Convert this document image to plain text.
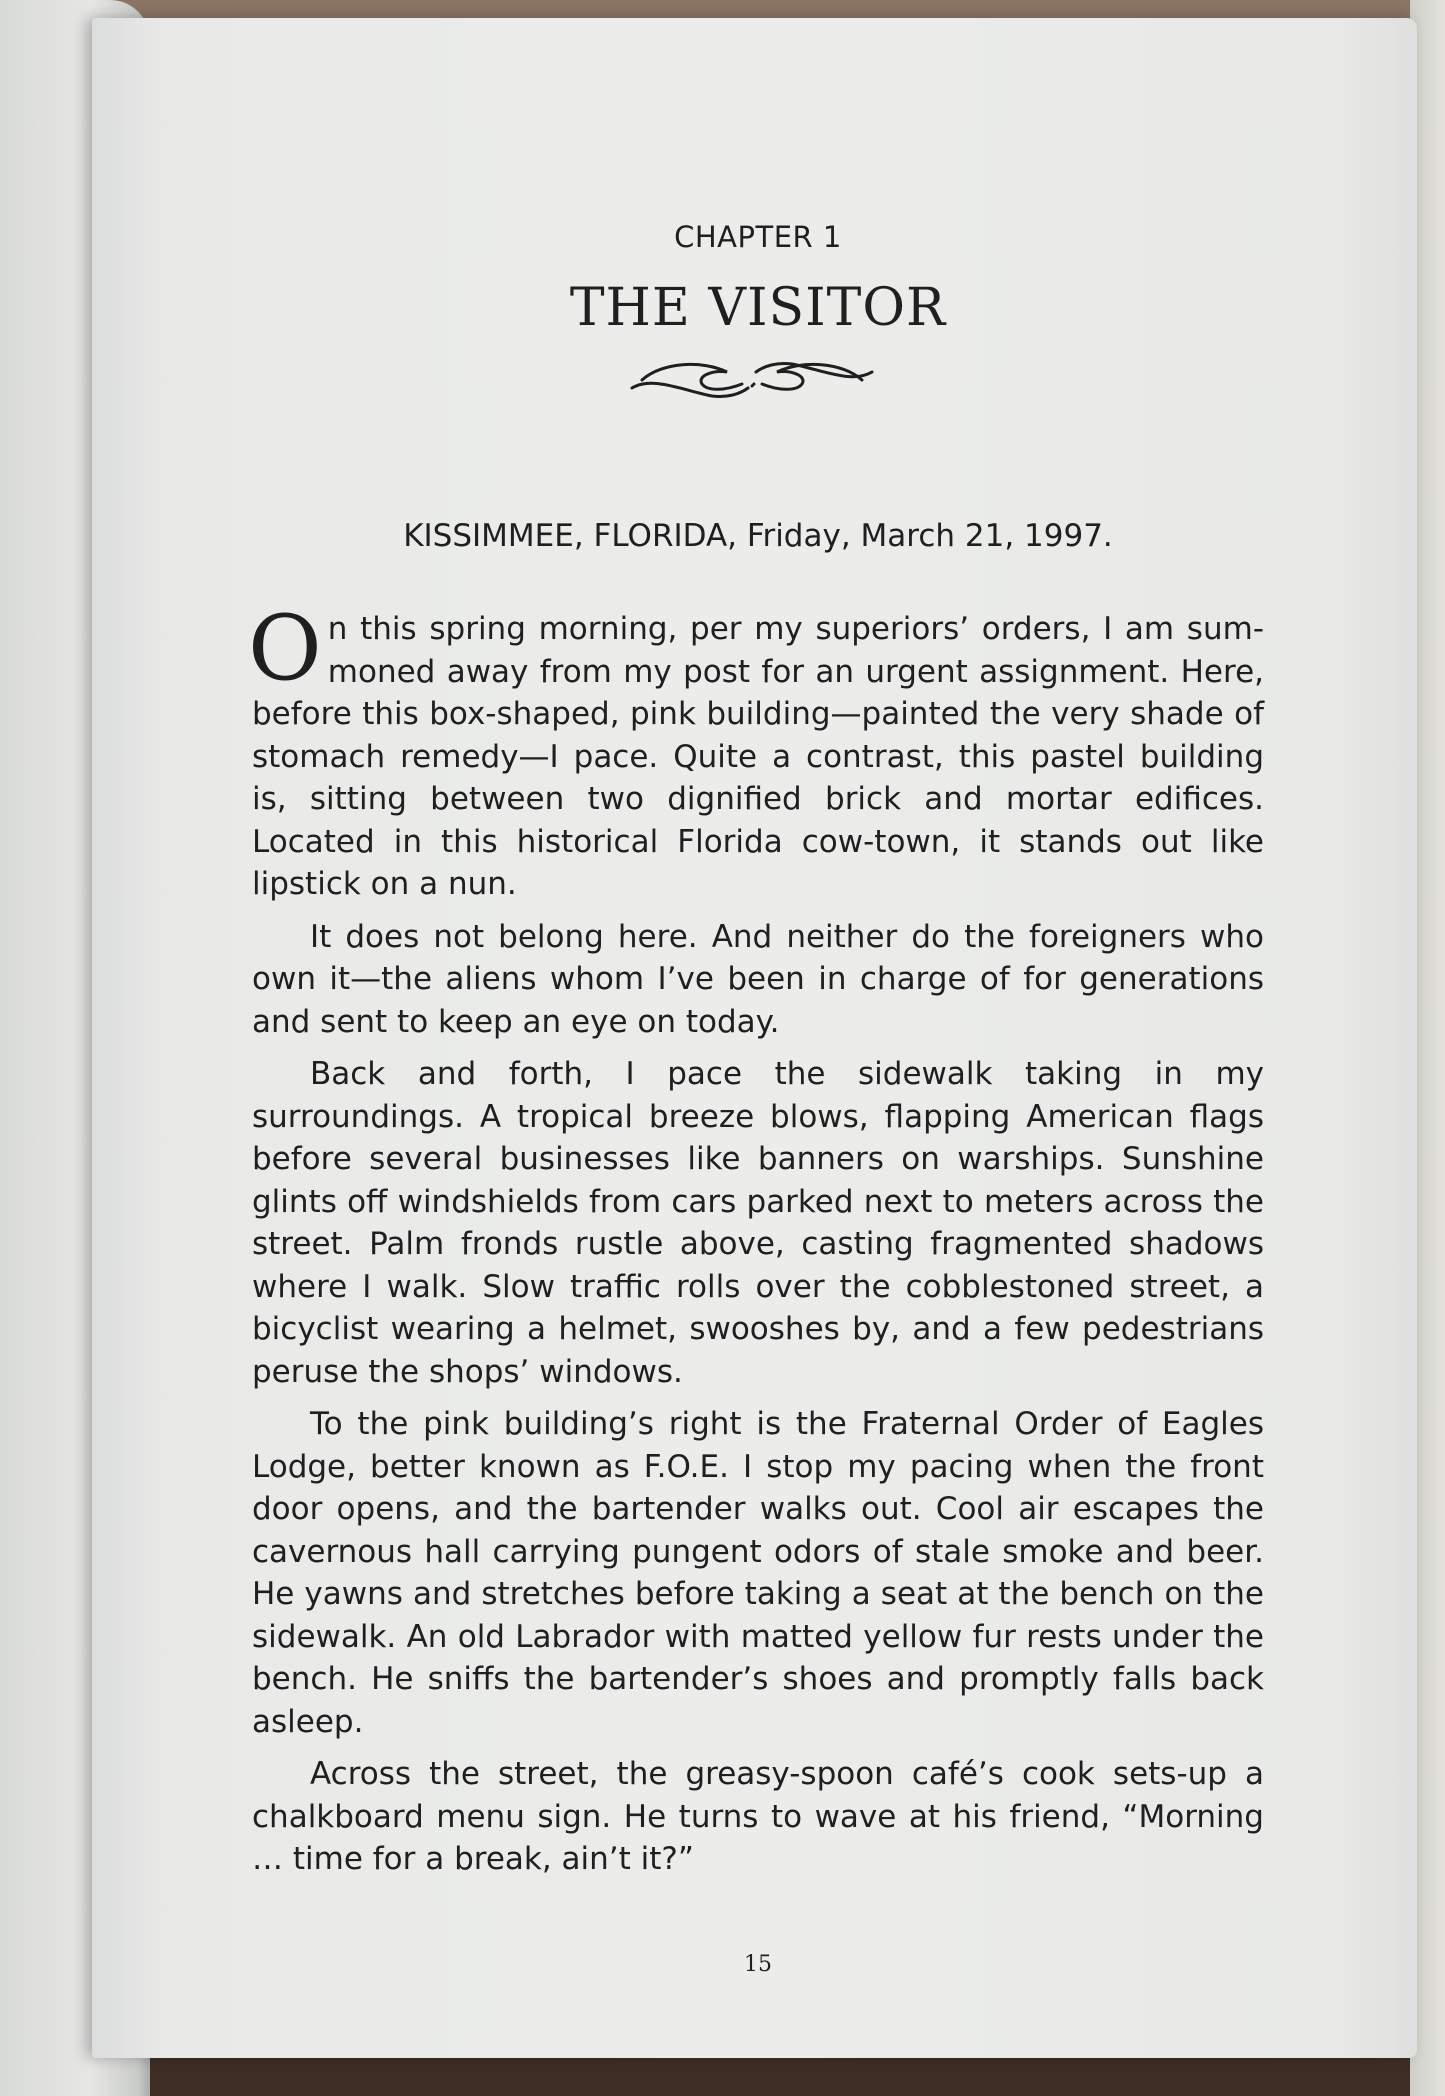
CHAPTER 1
THE VISITOR
KISSIMMEE, FLORIDA, Friday, March 21, 1997.

On this spring morning, per my superiors’ orders, I am summoned away from my post for an urgent assignment. Here, before this box-shaped, pink building—painted the very shade of stomach remedy—I pace. Quite a contrast, this pastel building is, sitting between two dignified brick and mortar edifices. Located in this historical Florida cow-town, it stands out like lipstick on a nun.

It does not belong here. And neither do the foreigners who own it—the aliens whom I’ve been in charge of for generations and sent to keep an eye on today.

Back and forth, I pace the sidewalk taking in my surroundings. A tropical breeze blows, flapping American flags before several businesses like banners on warships. Sunshine glints off windshields from cars parked next to meters across the street. Palm fronds rustle above, casting fragmented shadows where I walk. Slow traffic rolls over the cobblestoned street, a bicyclist wearing a helmet, swooshes by, and a few pedestrians peruse the shops’ windows.

To the pink building’s right is the Fraternal Order of Eagles Lodge, better known as F.O.E. I stop my pacing when the front door opens, and the bartender walks out. Cool air escapes the cavernous hall carrying pungent odors of stale smoke and beer. He yawns and stretches before taking a seat at the bench on the sidewalk. An old Labrador with matted yellow fur rests under the bench. He sniffs the bartender’s shoes and promptly falls back asleep.

Across the street, the greasy-spoon café’s cook sets-up a chalkboard menu sign. He turns to wave at his friend, “Morning … time for a break, ain’t it?”

15
